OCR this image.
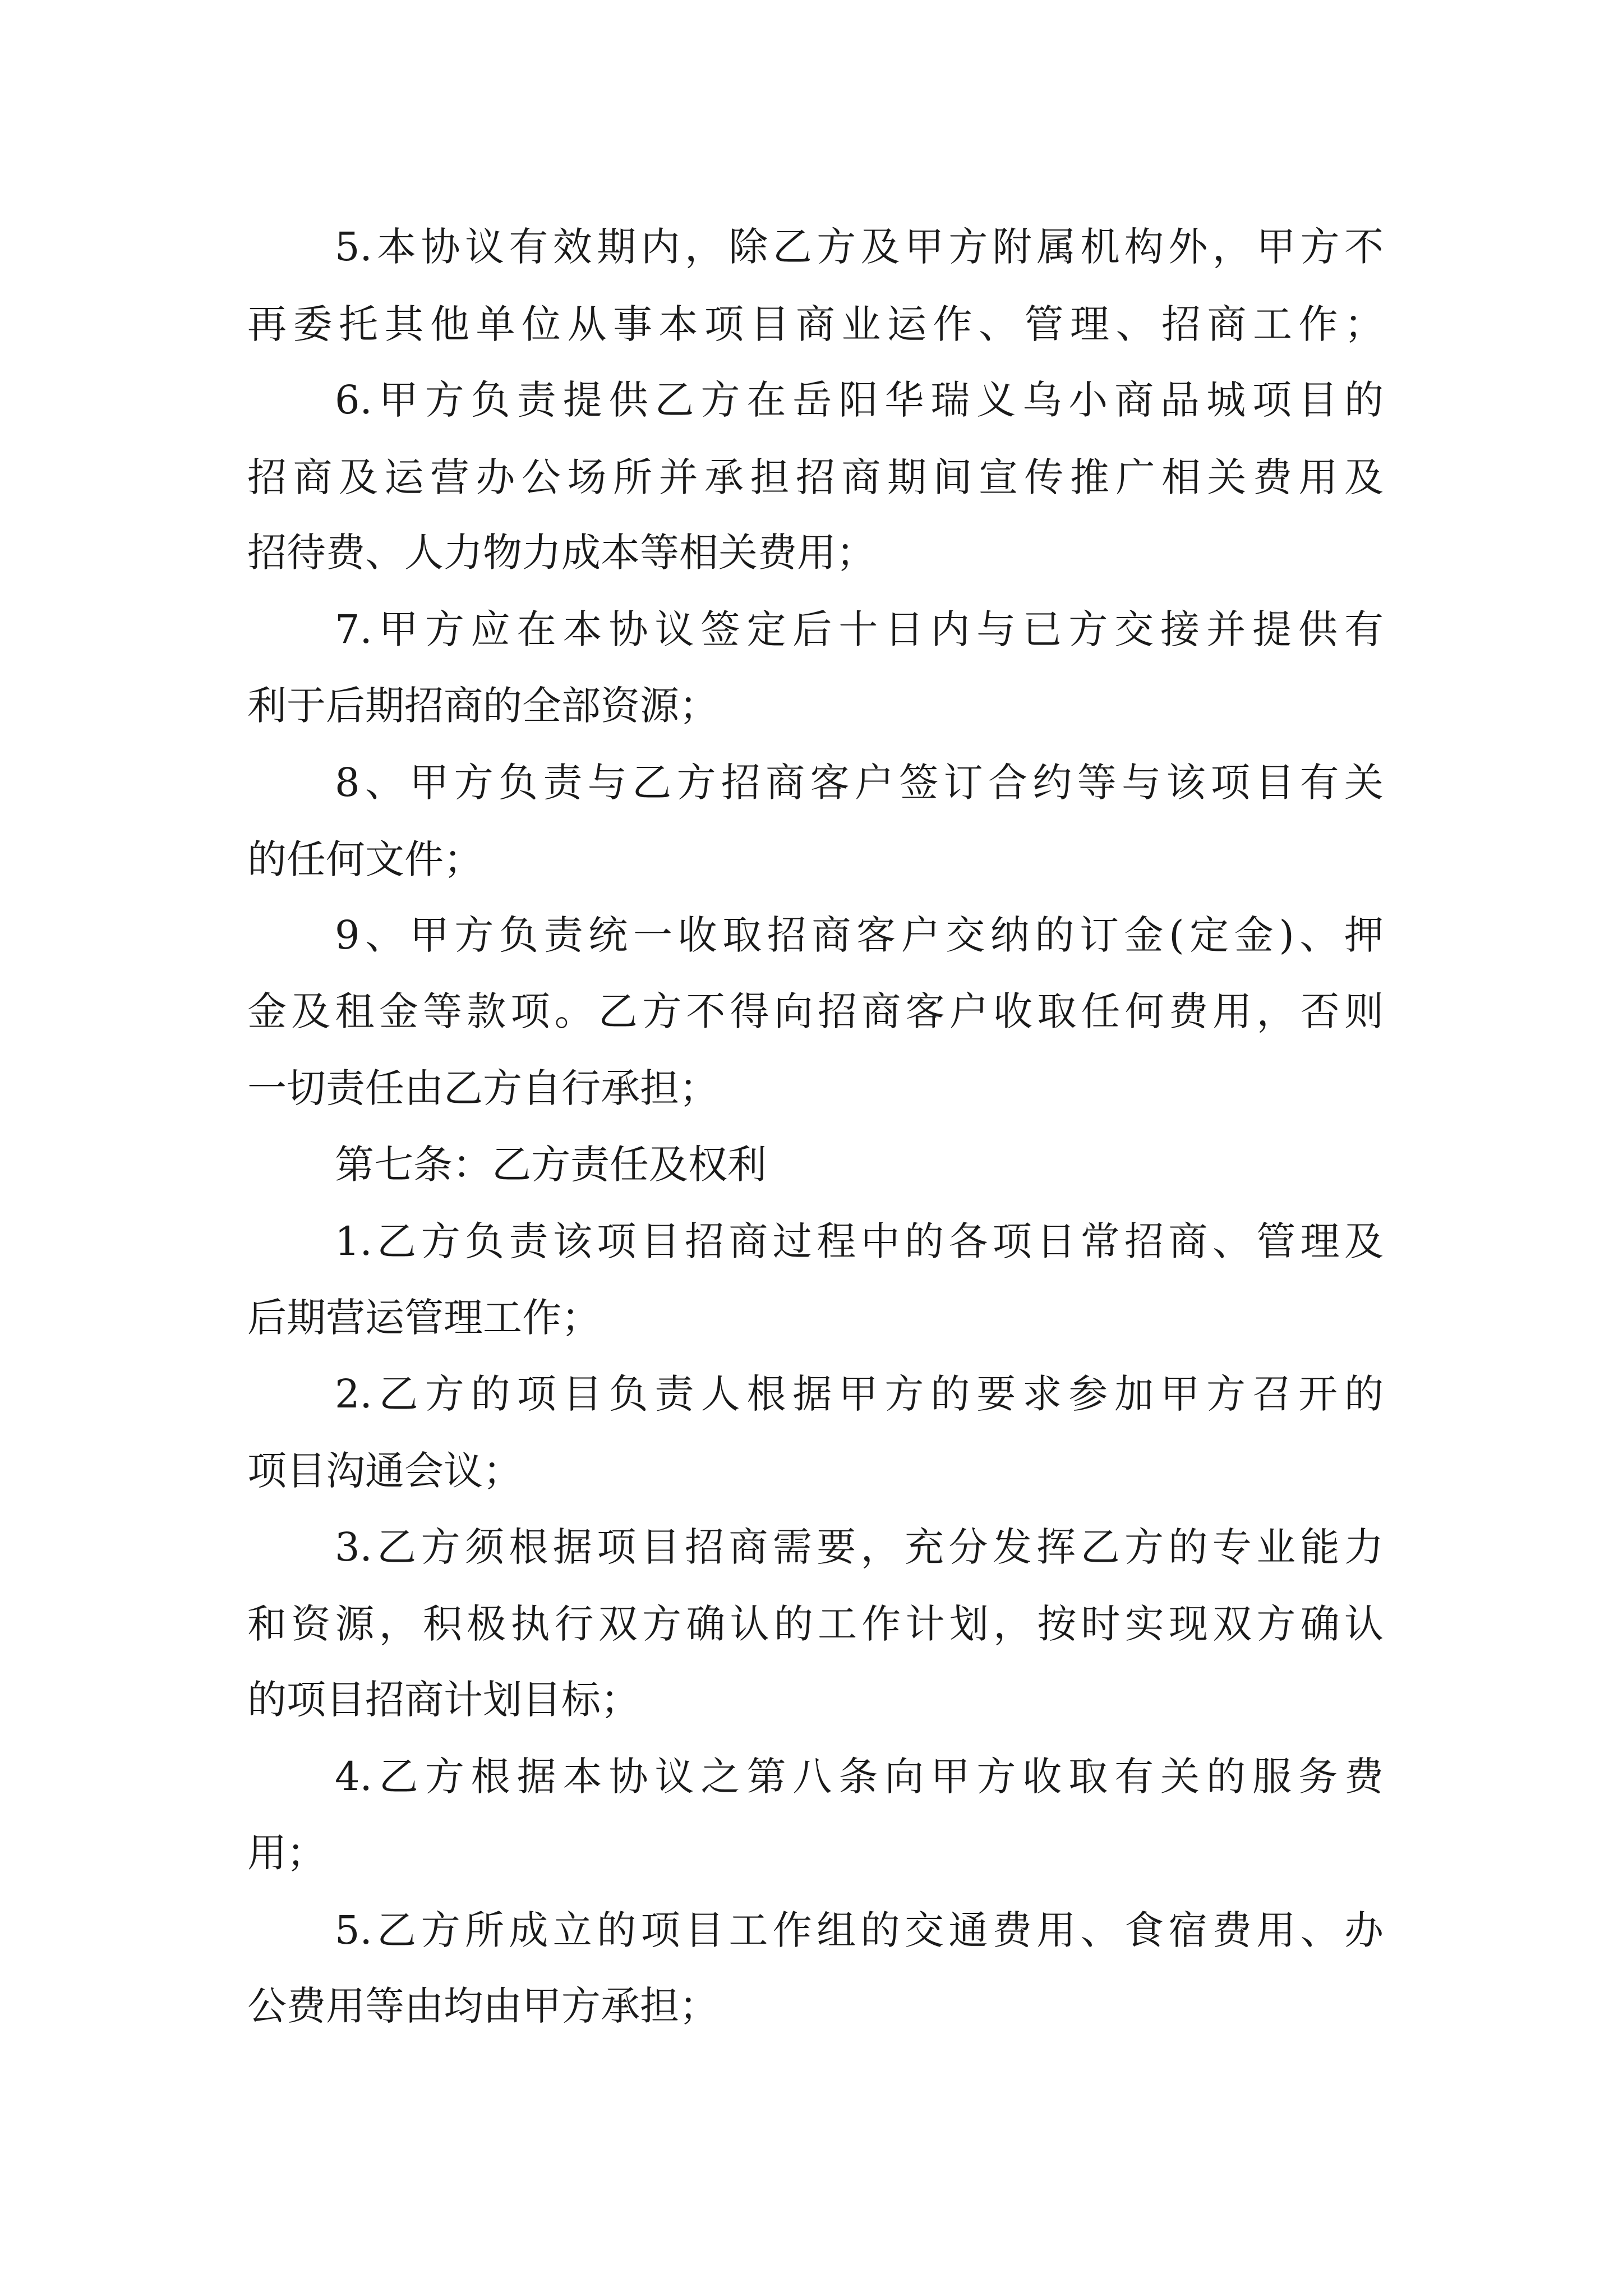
5.本协议有效期内，除乙方及甲方附属机构外，甲方不

再委托其他单位从事本项目商业运作、管理、招商工作；

6.甲方负责提供乙方在岳阳华瑞义乌小商品城项目的

招商及运营办公场所并承担招商期间宣传推广相关费用及

招待费、人力物力成本等相关费用；

7.甲方应在本协议签定后十日内与已方交接并提供有

利于后期招商的全部资源；

8、甲方负责与乙方招商客户签订合约等与该项目有关

的任何文件；

9、甲方负责统一收取招商客户交纳的订金(定金)、押

金及租金等款项。乙方不得向招商客户收取任何费用，否则

一切责任由乙方自行承担；

第七条：乙方责任及权利

1.乙方负责该项目招商过程中的各项日常招商、管理及

后期营运管理工作；

2.乙方的项目负责人根据甲方的要求参加甲方召开的

项目沟通会议；

3.乙方须根据项目招商需要，充分发挥乙方的专业能力

和资源，积极执行双方确认的工作计划，按时实现双方确认

的项目招商计划目标；

4.乙方根据本协议之第八条向甲方收取有关的服务费

用；

5.乙方所成立的项目工作组的交通费用、食宿费用、办

公费用等由均由甲方承担；
